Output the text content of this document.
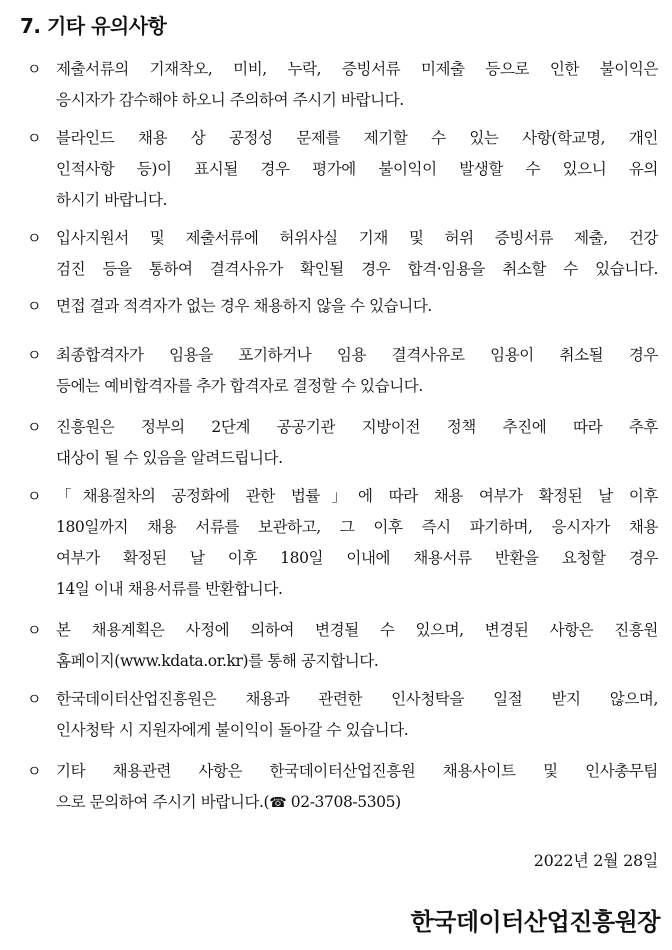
7. 기타 유의사항
ㅇ 제출서류의 기재착오, 미비, 누락, 증빙서류 미제출 등으로 인한 불이익은
응시자가 감수해야 하오니 주의하여 주시기 바랍니다.
ㅇ 블라인드 채용 상 공정성 문제를 제기할 수 있는 사항(학교명, 개인
인적사항 등)이 표시될 경우 평가에 불이익이 발생할 수 있으니 유의
하시기 바랍니다.
ㅇ 입사지원서 및 제출서류에 허위사실 기재 및 허위 증빙서류 제출, 건강
검진 등을 통하여 결격사유가 확인될 경우 합격·임용을 취소할 수 있습니다.
ㅇ 면접 결과 적격자가 없는 경우 채용하지 않을 수 있습니다.
ㅇ 최종합격자가 임용을 포기하거나 임용 결격사유로 임용이 취소될 경우
등에는 예비합격자를 추가 합격자로 결정할 수 있습니다.
ㅇ 진흥원은 정부의 2단계 공공기관 지방이전 정책 추진에 따라 추후
대상이 될 수 있음을 알려드립니다.
ㅇ 「채용절차의 공정화에 관한 법률」에 따라 채용 여부가 확정된 날 이후
180일까지 채용 서류를 보관하고, 그 이후 즉시 파기하며, 응시자가 채용
여부가 확정된 날 이후 180일 이내에 채용서류 반환을 요청할 경우
14일 이내 채용서류를 반환합니다.
ㅇ 본 채용계획은 사정에 의하여 변경될 수 있으며, 변경된 사항은 진흥원
홈페이지(www.kdata.or.kr)를 통해 공지합니다.
ㅇ 한국데이터산업진흥원은 채용과 관련한 인사청탁을 일절 받지 않으며,
인사청탁 시 지원자에게 불이익이 돌아갈 수 있습니다.
ㅇ 기타 채용관련 사항은 한국데이터산업진흥원 채용사이트 및 인사총무팀
으로 문의하여 주시기 바랍니다.(☎ 02-3708-5305)
2022년 2월 28일
한국데이터산업진흥원장
